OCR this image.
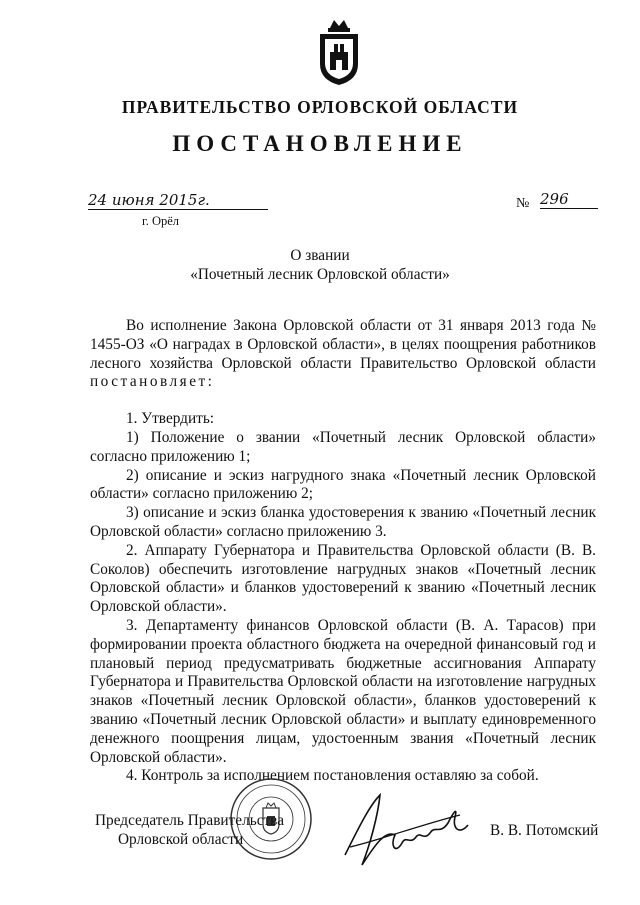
ПРАВИТЕЛЬСТВО ОРЛОВСКОЙ ОБЛАСТИ
ПОСТАНОВЛЕНИЕ
24 июня 2015г.
г. Орёл
№ 296
О звании
«Почетный лесник Орловской области»

Во исполнение Закона Орловской области от 31 января 2013 года № 1455-ОЗ «О наградах в Орловской области», в целях поощрения работников лесного хозяйства Орловской области Правительство Орловской области постановляет:

1. Утвердить:

1) Положение о звании «Почетный лесник Орловской области» согласно приложению 1;

2) описание и эскиз нагрудного знака «Почетный лесник Орловской области» согласно приложению 2;

3) описание и эскиз бланка удостоверения к званию «Почетный лесник Орловской области» согласно приложению 3.

2. Аппарату Губернатора и Правительства Орловской области (В. В. Соколов) обеспечить изготовление нагрудных знаков «Почетный лесник Орловской области» и бланков удостоверений к званию «Почетный лесник Орловской области».

3. Департаменту финансов Орловской области (В. А. Тарасов) при формировании проекта областного бюджета на очередной финансовый год и плановый период предусматривать бюджетные ассигнования Аппарату Губернатора и Правительства Орловской области на изготовление нагрудных знаков «Почетный лесник Орловской области», бланков удостоверений к званию «Почетный лесник Орловской области» и выплату единовременного денежного поощрения лицам, удостоенным звания «Почетный лесник Орловской области».

4. Контроль за исполнением постановления оставляю за собой.

Председатель Правительства
Орловской области
В. В. Потомский
